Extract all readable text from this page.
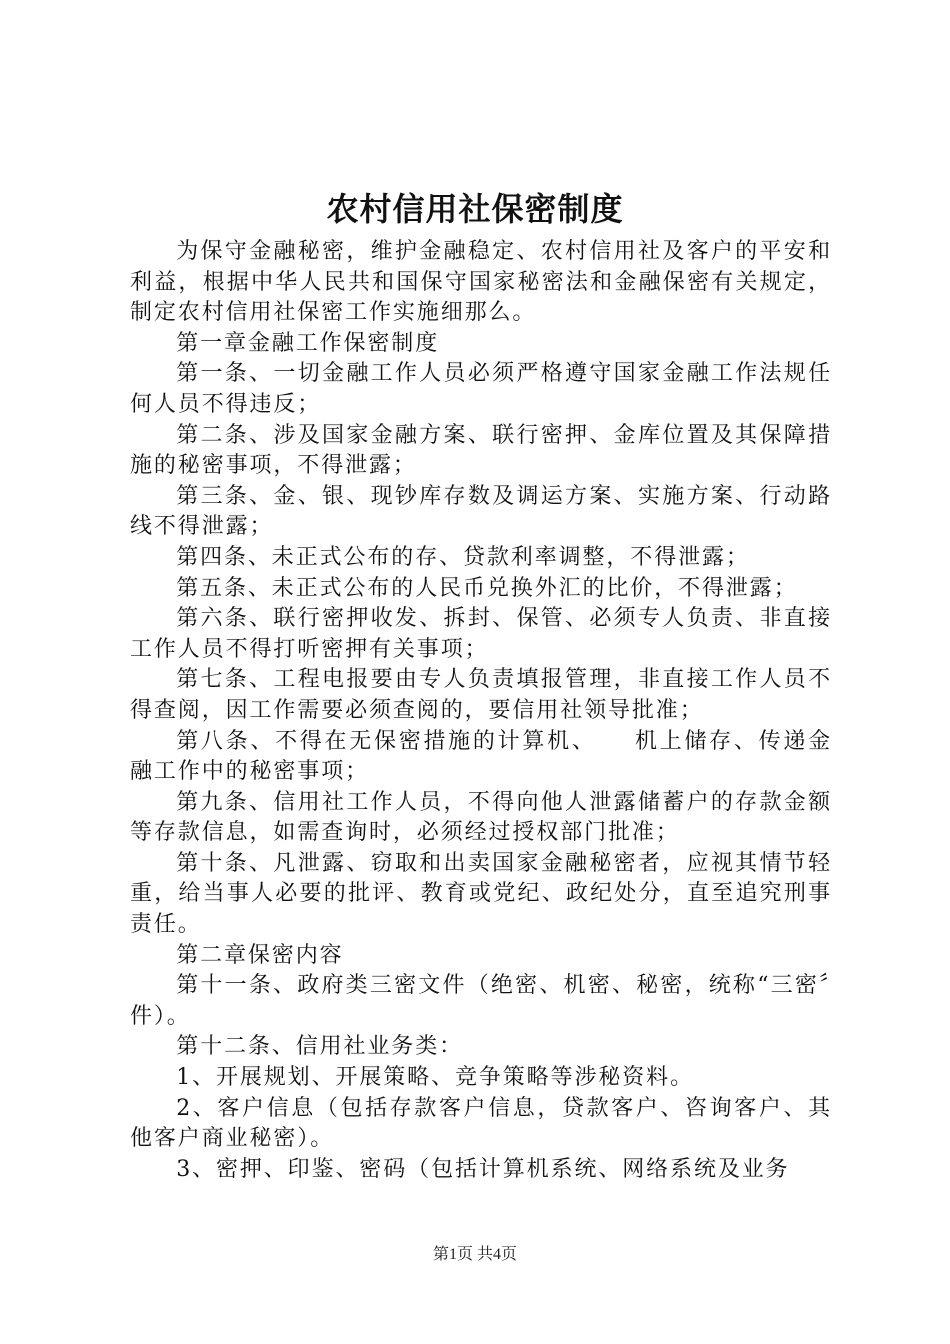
农村信用社保密制度

为保守金融秘密，维护金融稳定、农村信用社及客户的平安和利益，根据中华人民共和国保守国家秘密法和金融保密有关规定，制定农村信用社保密工作实施细那么。

第一章金融工作保密制度

第一条、一切金融工作人员必须严格遵守国家金融工作法规任何人员不得违反；

第二条、涉及国家金融方案、联行密押、金库位置及其保障措施的秘密事项，不得泄露；

第三条、金、银、现钞库存数及调运方案、实施方案、行动路线不得泄露；

第四条、未正式公布的存、贷款利率调整，不得泄露；

第五条、未正式公布的人民币兑换外汇的比价，不得泄露；

第六条、联行密押收发、拆封、保管、必须专人负责、非直接工作人员不得打听密押有关事项；

第七条、工程电报要由专人负责填报管理，非直接工作人员不得查阅，因工作需要必须查阅的，要信用社领导批准；

第八条、不得在无保密措施的计算机、　　机上储存、传递金融工作中的秘密事项；

第九条、信用社工作人员，不得向他人泄露储蓄户的存款金额等存款信息，如需查询时，必须经过授权部门批准；

第十条、凡泄露、窃取和出卖国家金融秘密者，应视其情节轻重，给当事人必要的批评、教育或党纪、政纪处分，直至追究刑事责任。

第二章保密内容

第十一条、政府类三密文件（绝密、机密、秘密，统称“三密〞件）。

第十二条、信用社业务类：

1、开展规划、开展策略、竞争策略等涉秘资料。

2、客户信息（包括存款客户信息，贷款客户、咨询客户、其他客户商业秘密）。

3、密押、印鉴、密码（包括计算机系统、网络系统及业务

第1页 共4页
